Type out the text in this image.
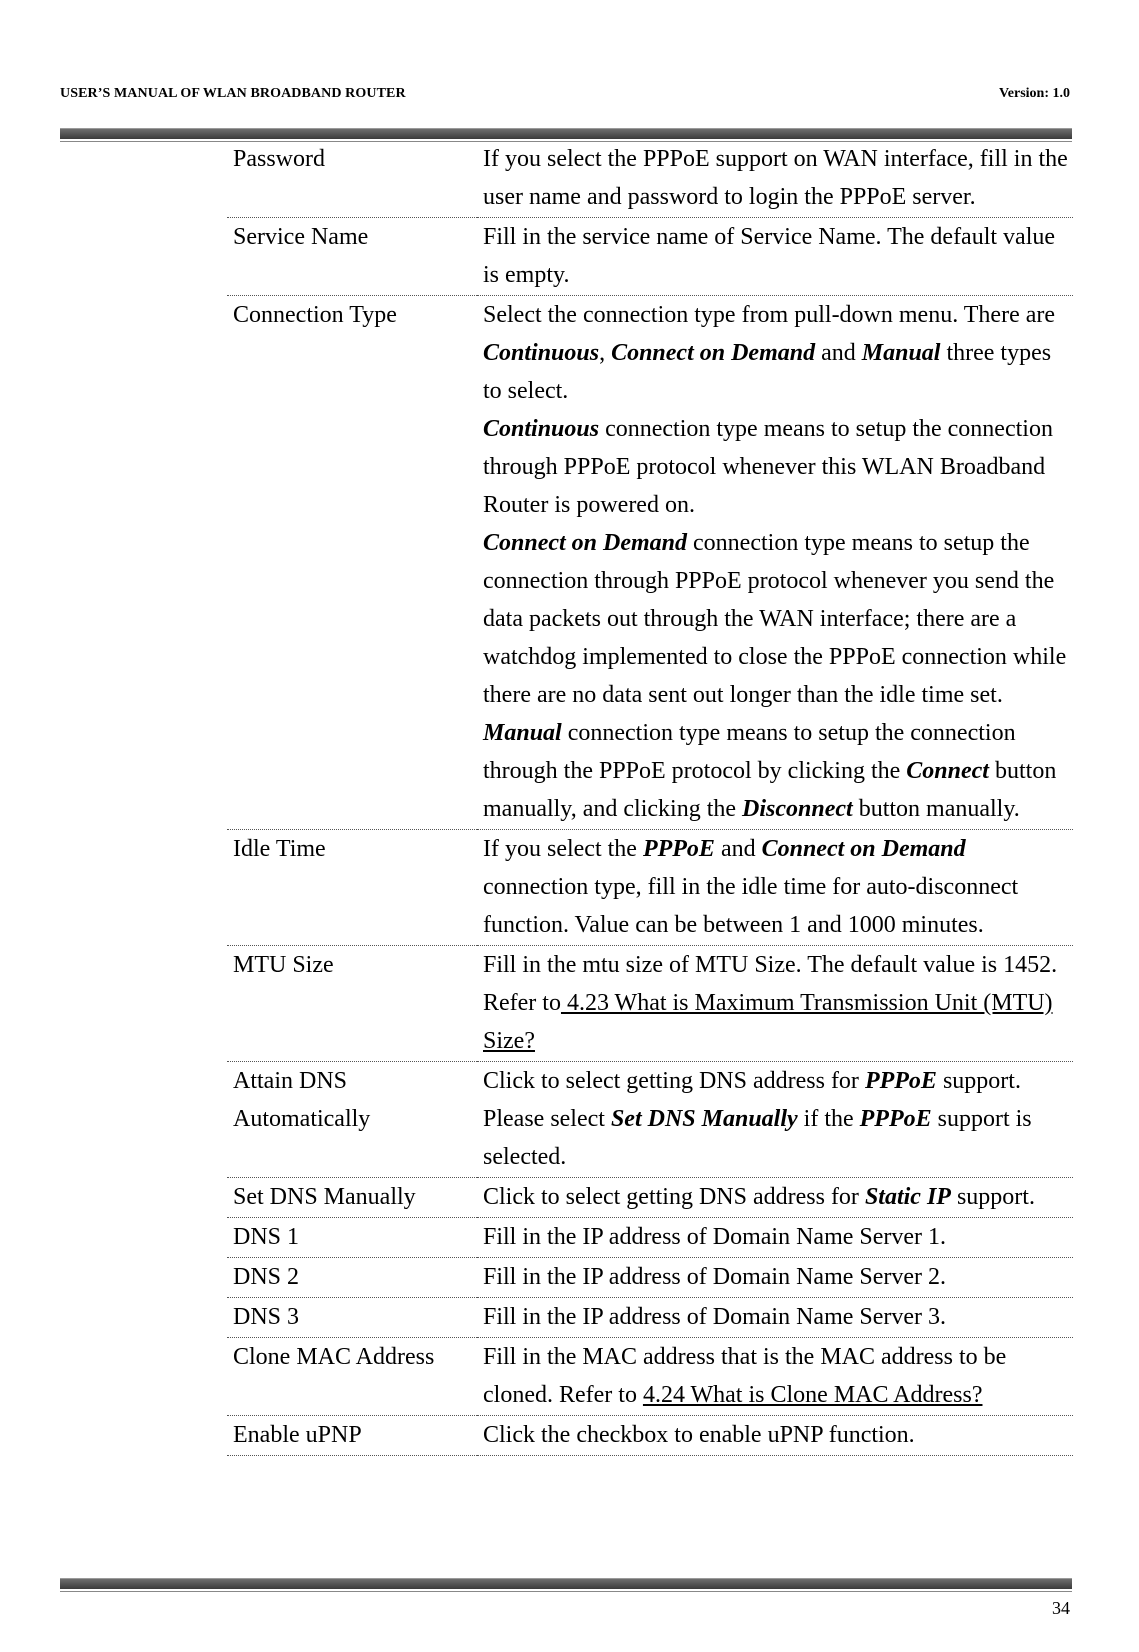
USER’S MANUAL OF WLAN BROADBAND ROUTER	Version: 1.0
Password	If you select the PPPoE support on WAN interface, fill in the user name and password to login the PPPoE server.
Service Name	Fill in the service name of Service Name. The default value is empty.
Connection Type	Select the connection type from pull-down menu. There are Continuous, Connect on Demand and Manual three types to select.

Continuous connection type means to setup the connection through PPPoE protocol whenever this WLAN Broadband Router is powered on.

Connect on Demand connection type means to setup the connection through PPPoE protocol whenever you send the data packets out through the WAN interface; there are a watchdog implemented to close the PPPoE connection while there are no data sent out longer than the idle time set.

Manual connection type means to setup the connection through the PPPoE protocol by clicking the Connect button manually, and clicking the Disconnect button manually.

Idle Time	If you select the PPPoE and Connect on Demand connection type, fill in the idle time for auto-disconnect function. Value can be between 1 and 1000 minutes.
MTU Size	Fill in the mtu size of MTU Size. The default value is 1452. Refer to 4.23 What is Maximum Transmission Unit (MTU) Size?
Attain DNS Automatically	Click to select getting DNS address for PPPoE support. Please select Set DNS Manually if the PPPoE support is selected.
Set DNS Manually	Click to select getting DNS address for Static IP support.
DNS 1	Fill in the IP address of Domain Name Server 1.
DNS 2	Fill in the IP address of Domain Name Server 2.
DNS 3	Fill in the IP address of Domain Name Server 3.
Clone MAC Address	Fill in the MAC address that is the MAC address to be cloned. Refer to 4.24 What is Clone MAC Address?
Enable uPNP	Click the checkbox to enable uPNP function.
34
